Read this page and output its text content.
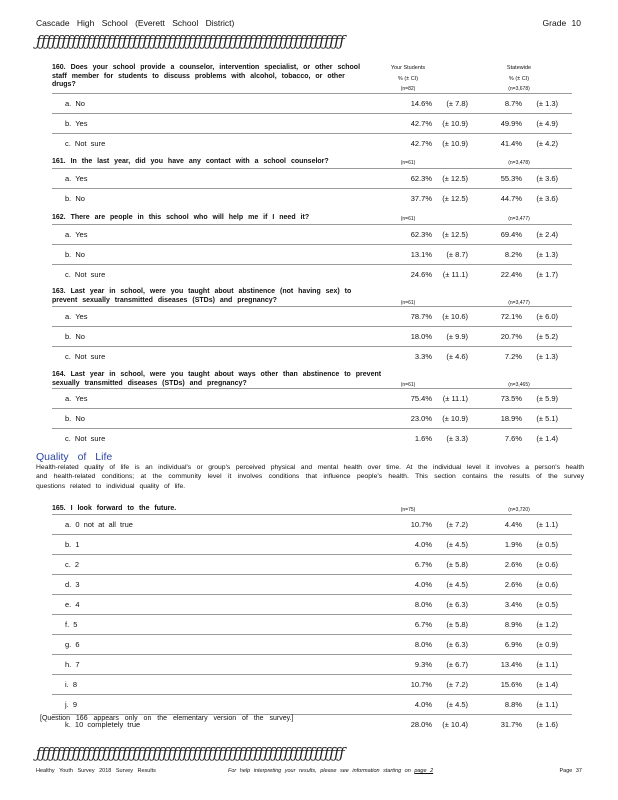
Cascade High School (Everett School District)	Grade 10
ƒƒƒƒƒƒƒƒƒƒƒƒƒƒƒƒƒƒƒƒƒƒƒƒƒƒƒƒƒƒƒƒƒƒƒƒƒƒƒƒƒƒƒƒƒƒƒƒƒƒƒƒƒƒƒƒƒƒƒƒƒ
Your Students	Statewide
% (± CI)	% (± CI)
160. Does your school provide a counselor, intervention specialist, or other school staff member for students to discuss problems with alcohol, tobacco, or other drugs?
(n=82)	(n=3,678)
a. No	14.6%	(± 7.8)	8.7%	(± 1.3)
b. Yes	42.7%	(± 10.9)	49.9%	(± 4.9)
c. Not sure	42.7%	(± 10.9)	41.4%	(± 4.2)
161. In the last year, did you have any contact with a school counselor?	(n=61)	(n=3,478)
a. Yes	62.3%	(± 12.5)	55.3%	(± 3.6)
b. No	37.7%	(± 12.5)	44.7%	(± 3.6)
162. There are people in this school who will help me if I need it?	(n=61)	(n=3,477)
a. Yes	62.3%	(± 12.5)	69.4%	(± 2.4)
b. No	13.1%	(± 8.7)	8.2%	(± 1.3)
c. Not sure	24.6%	(± 11.1)	22.4%	(± 1.7)
163. Last year in school, were you taught about abstinence (not having sex) to prevent sexually transmitted diseases (STDs) and pregnancy?	(n=61)	(n=3,477)
a. Yes	78.7%	(± 10.6)	72.1%	(± 6.0)
b. No	18.0%	(± 9.9)	20.7%	(± 5.2)
c. Not sure	3.3%	(± 4.6)	7.2%	(± 1.3)
164. Last year in school, were you taught about ways other than abstinence to prevent sexually transmitted diseases (STDs) and pregnancy?	(n=61)	(n=3,465)
a. Yes	75.4%	(± 11.1)	73.5%	(± 5.9)
b. No	23.0%	(± 10.9)	18.9%	(± 5.1)
c. Not sure	1.6%	(± 3.3)	7.6%	(± 1.4)
Quality of Life
Health-related quality of life is an individual's or group's perceived physical and mental health over time. At the individual level it involves a person's health and health-related conditions; at the community level it involves conditions that influence people's health. This section contains the results of the survey questions related to individual quality of life.
165. I look forward to the future.	(n=75)	(n=3,720)
a. 0 not at all true	10.7%	(± 7.2)	4.4%	(± 1.1)
b. 1	4.0%	(± 4.5)	1.9%	(± 0.5)
c. 2	6.7%	(± 5.8)	2.6%	(± 0.6)
d. 3	4.0%	(± 4.5)	2.6%	(± 0.6)
e. 4	8.0%	(± 6.3)	3.4%	(± 0.5)
f. 5	6.7%	(± 5.8)	8.9%	(± 1.2)
g. 6	8.0%	(± 6.3)	6.9%	(± 0.9)
h. 7	9.3%	(± 6.7)	13.4%	(± 1.1)
i. 8	10.7%	(± 7.2)	15.6%	(± 1.4)
j. 9	4.0%	(± 4.5)	8.8%	(± 1.1)
k. 10 completely true	28.0%	(± 10.4)	31.7%	(± 1.6)
[Question 166 appears only on the elementary version of the survey.]
ƒƒƒƒƒƒƒƒƒƒƒƒƒƒƒƒƒƒƒƒƒƒƒƒƒƒƒƒƒƒƒƒƒƒƒƒƒƒƒƒƒƒƒƒƒƒƒƒƒƒƒƒƒƒƒƒƒƒƒƒƒ
Healthy Youth Survey 2018 Survey Results	For help interpreting your results, please see information starting on page 2	Page 37
